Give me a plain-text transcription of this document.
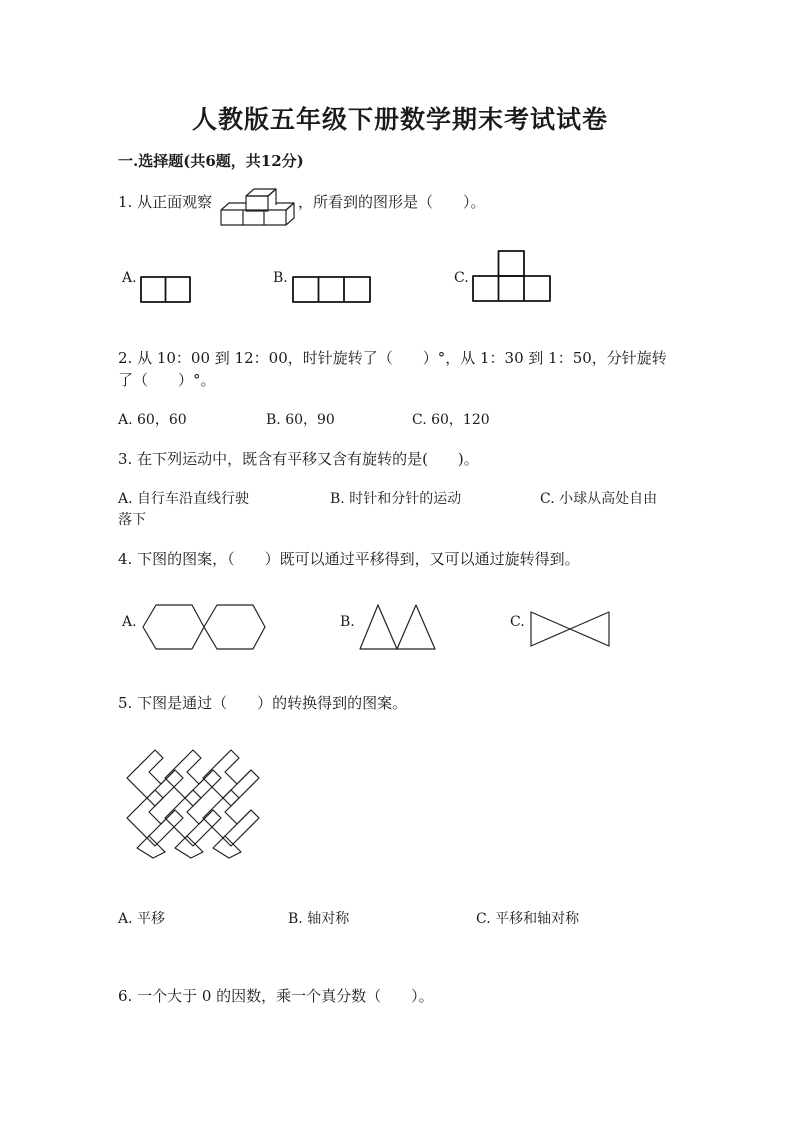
人教版五年级下册数学期末考试试卷
一.选择题(共6题，共12分)
1. 从正面观察	，所看到的图形是（　　）。
A.	B.	C.
2. 从 10：00 到 12：00，时针旋转了（　　）°，从 1：30 到 1：50，分针旋转
了（　　）°。
A. 60，60	B. 60，90	C. 60，120
3. 在下列运动中，既含有平移又含有旋转的是(　　)。
A. 自行车沿直线行驶	B. 时针和分针的运动	C. 小球从高处自由
落下
4. 下图的图案，（　　）既可以通过平移得到，又可以通过旋转得到。
A.	B.	C.
5. 下图是通过（　　）的转换得到的图案。
A. 平移	B. 轴对称	C. 平移和轴对称
6. 一个大于 0 的因数，乘一个真分数（　　）。
